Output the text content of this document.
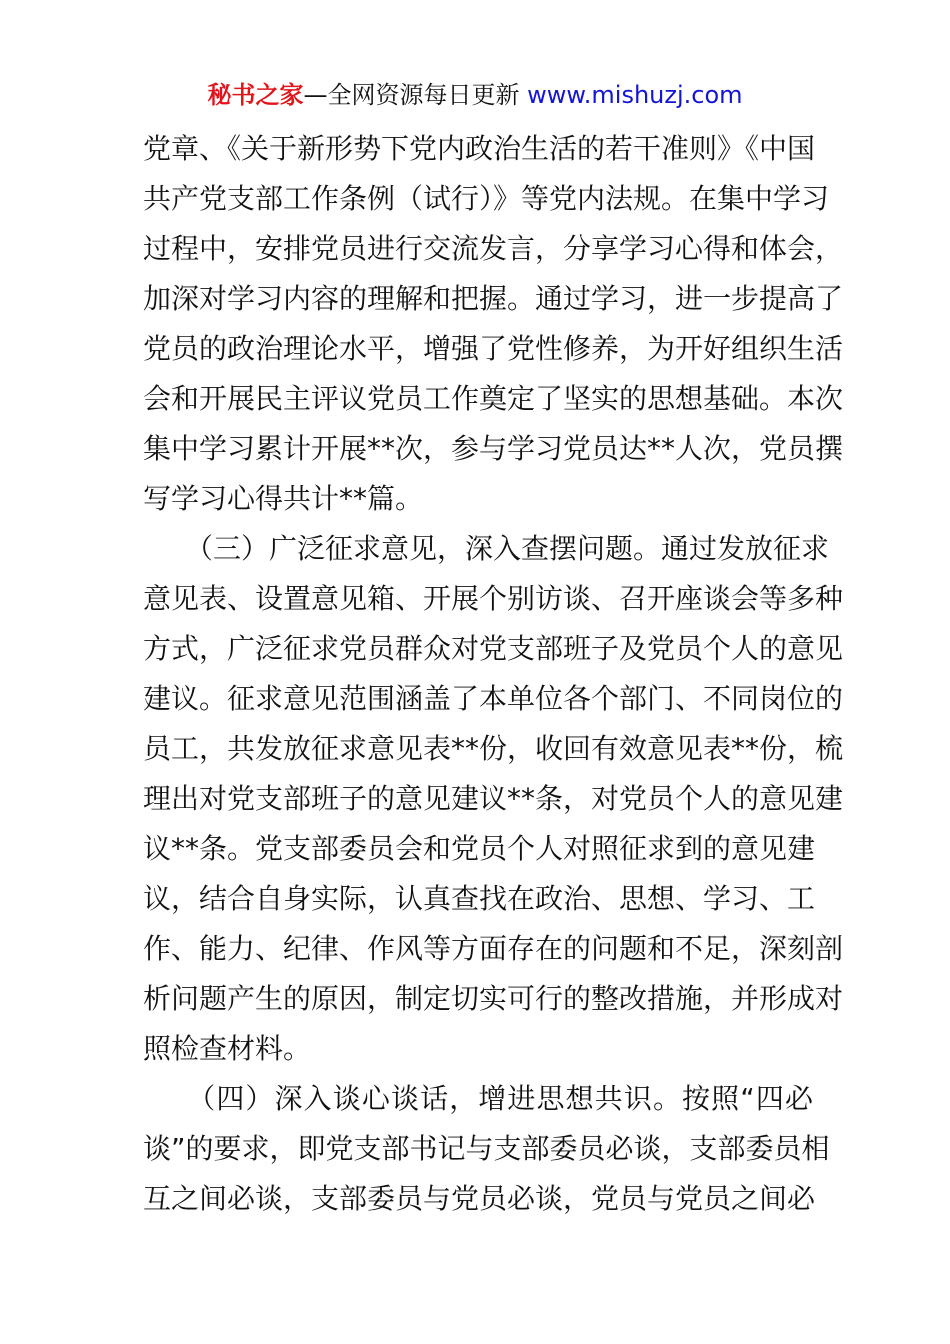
秘书之家—全网资源每日更新 www.mishuzj.com
党章、《关于新形势下党内政治生活的若干准则》《中国
共产党支部工作条例（试行）》等党内法规。在集中学习
过程中，安排党员进行交流发言，分享学习心得和体会，
加深对学习内容的理解和把握。通过学习，进一步提高了
党员的政治理论水平，增强了党性修养，为开好组织生活
会和开展民主评议党员工作奠定了坚实的思想基础。本次
集中学习累计开展**次，参与学习党员达**人次，党员撰
写学习心得共计**篇。
　　（三）广泛征求意见，深入查摆问题。通过发放征求
意见表、设置意见箱、开展个别访谈、召开座谈会等多种
方式，广泛征求党员群众对党支部班子及党员个人的意见
建议。征求意见范围涵盖了本单位各个部门、不同岗位的
员工，共发放征求意见表**份，收回有效意见表**份，梳
理出对党支部班子的意见建议**条，对党员个人的意见建
议**条。党支部委员会和党员个人对照征求到的意见建
议，结合自身实际，认真查找在政治、思想、学习、工
作、能力、纪律、作风等方面存在的问题和不足，深刻剖
析问题产生的原因，制定切实可行的整改措施，并形成对
照检查材料。
　　（四）深入谈心谈话，增进思想共识。按照“四必
谈”的要求，即党支部书记与支部委员必谈，支部委员相
互之间必谈，支部委员与党员必谈，党员与党员之间必
